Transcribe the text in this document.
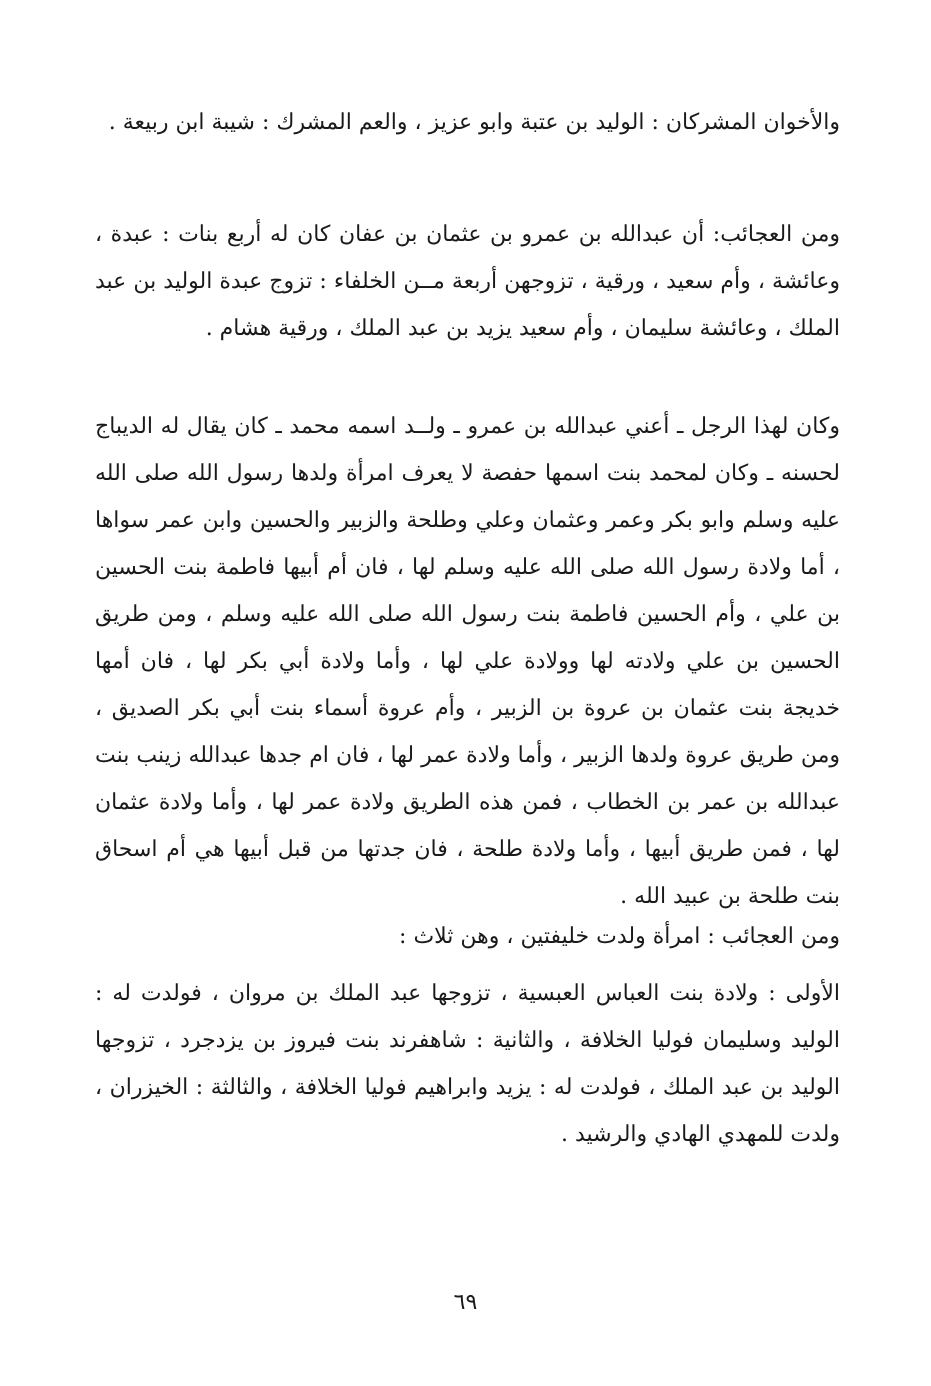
والأخوان المشركان : الوليد بن عتبة وابو عزيز ، والعم المشرك : شيبة ابن ربيعة .

ومن العجائب: أن عبدالله بن عمرو بن عثمان بن عفان كان له أربع بنات : عبدة ، وعائشة ، وأم سعيد ، ورقية ، تزوجهن أربعة مــن الخلفاء : تزوج عبدة الوليد بن عبد الملك ، وعائشة سليمان ، وأم سعيد يزيد بن عبد الملك ، ورقية هشام .

وكان لهذا الرجل ـ أعني عبدالله بن عمرو ـ ولــد اسمه محمد ـ كان يقال له الديباج لحسنه ـ وكان لمحمد بنت اسمها حفصة لا يعرف امرأة ولدها رسول الله صلى الله عليه وسلم وابو بكر وعمر وعثمان وعلي وطلحة والزبير والحسين وابن عمر سواها ، أما ولادة رسول الله صلى الله عليه وسلم لها ، فان أم أبيها فاطمة بنت الحسين بن علي ، وأم الحسين فاطمة بنت رسول الله صلى الله عليه وسلم ، ومن طريق الحسين بن علي ولادته لها وولادة علي لها ، وأما ولادة أبي بكر لها ، فان أمها خديجة بنت عثمان بن عروة بن الزبير ، وأم عروة أسماء بنت أبي بكر الصديق ، ومن طريق عروة ولدها الزبير ، وأما ولادة عمر لها ، فان ام جدها عبدالله زينب بنت عبدالله بن عمر بن الخطاب ، فمن هذه الطريق ولادة عمر لها ، وأما ولادة عثمان لها ، فمن طريق أبيها ، وأما ولادة طلحة ، فان جدتها من قبل أبيها هي أم اسحاق بنت طلحة بن عبيد الله .

ومن العجائب : امرأة ولدت خليفتين ، وهن ثلاث :

الأولى : ولادة بنت العباس العبسية ، تزوجها عبد الملك بن مروان ، فولدت له : الوليد وسليمان فوليا الخلافة ، والثانية : شاهفرند بنت فيروز بن يزدجرد ، تزوجها الوليد بن عبد الملك ، فولدت له : يزيد وابراهيم فوليا الخلافة ، والثالثة : الخيزران ، ولدت للمهدي الهادي والرشيد .

٦٩
